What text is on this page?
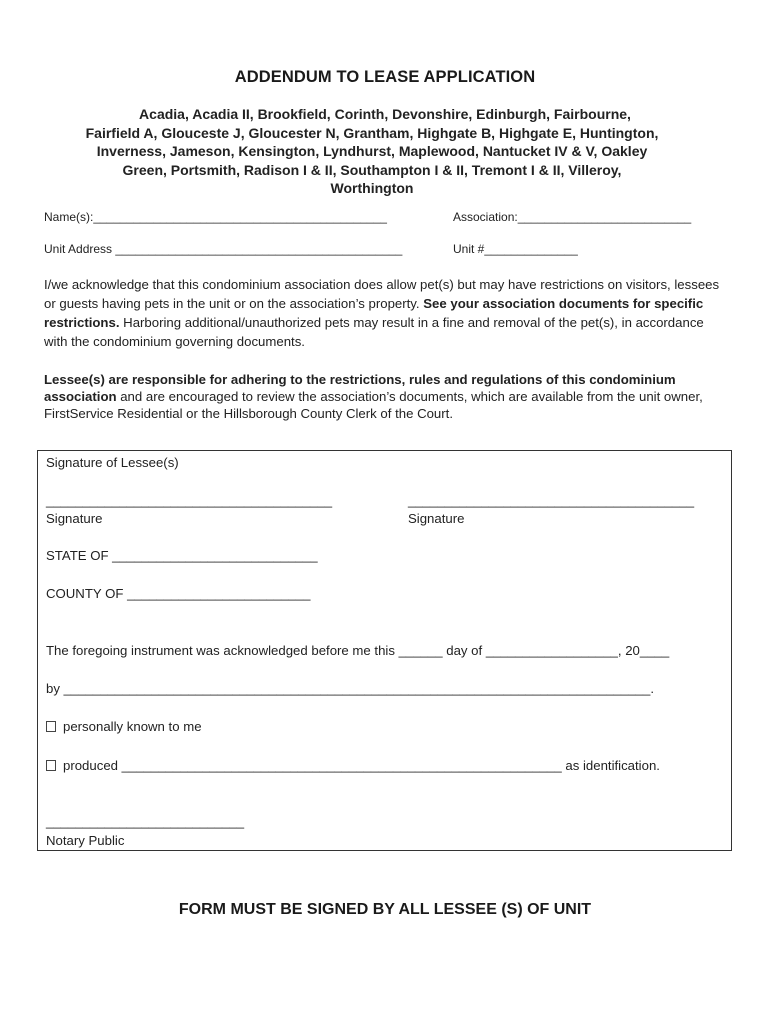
ADDENDUM TO LEASE APPLICATION
Acadia, Acadia II, Brookfield, Corinth, Devonshire, Edinburgh, Fairbourne,
Fairfield A, Glouceste J, Gloucester N, Grantham, Highgate B, Highgate E, Huntington,
Inverness, Jameson, Kensington, Lyndhurst, Maplewood, Nantucket IV & V, Oakley
Green, Portsmith, Radison I & II, Southampton I & II, Tremont I & II, Villeroy,
Worthington
Name(s):____________________________________________	Association:__________________________
Unit Address ___________________________________________	Unit #______________
I/we acknowledge that this condominium association does allow pet(s) but may have restrictions on visitors, lessees or guests having pets in the unit or on the association’s property. See your association documents for specific restrictions. Harboring additional/unauthorized pets may result in a fine and removal of the pet(s), in accordance with the condominium governing documents.
Lessee(s) are responsible for adhering to the restrictions, rules and regulations of this condominium association and are encouraged to review the association’s documents, which are available from the unit owner, FirstService Residential or the Hillsborough County Clerk of the Court.
Signature of Lessee(s)
_______________________________________
Signature
_______________________________________
Signature
STATE OF ____________________________
COUNTY OF _________________________
The foregoing instrument was acknowledged before me this ______ day of __________________, 20____
by ________________________________________________________________________________.
personally known to me
produced ____________________________________________________________ as identification.
___________________________
Notary Public
FORM MUST BE SIGNED BY ALL LESSEE (S) OF UNIT
